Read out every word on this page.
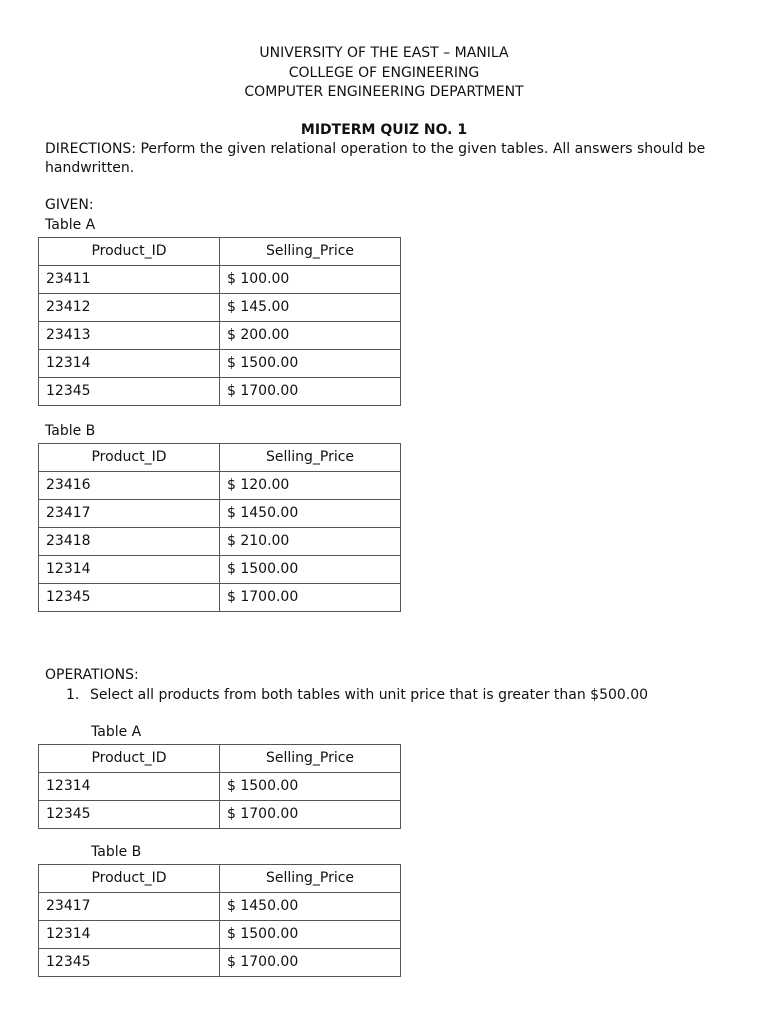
UNIVERSITY OF THE EAST – MANILA
COLLEGE OF ENGINEERING
COMPUTER ENGINEERING DEPARTMENT
MIDTERM QUIZ NO. 1
DIRECTIONS: Perform the given relational operation to the given tables. All answers should be
handwritten.
GIVEN:
Table A
Product_ID	Selling_Price
23411	$ 100.00
23412	$ 145.00
23413	$ 200.00
12314	$ 1500.00
12345	$ 1700.00
Table B
Product_ID	Selling_Price
23416	$ 120.00
23417	$ 1450.00
23418	$ 210.00
12314	$ 1500.00
12345	$ 1700.00
OPERATIONS:
1. Select all products from both tables with unit price that is greater than $500.00
Table A
Product_ID	Selling_Price
12314	$ 1500.00
12345	$ 1700.00
Table B
Product_ID	Selling_Price
23417	$ 1450.00
12314	$ 1500.00
12345	$ 1700.00
